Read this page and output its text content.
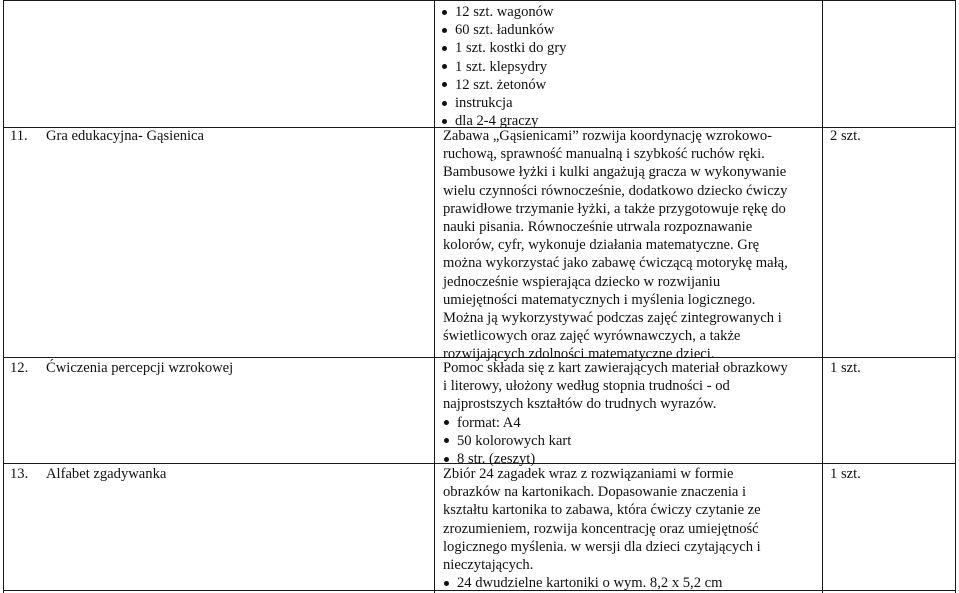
12 szt. wagonów
60 szt. ładunków
1 szt. kostki do gry
1 szt. klepsydry
12 szt. żetonów
instrukcja
dla 2-4 graczy
11. Gra edukacyjna- Gąsienica	Zabawa „Gąsienicami” rozwija koordynację wzrokowo-
ruchową, sprawność manualną i szybkość ruchów ręki.
Bambusowe łyżki i kulki angażują gracza w wykonywanie
wielu czynności równocześnie, dodatkowo dziecko ćwiczy
prawidłowe trzymanie łyżki, a także przygotowuje rękę do
nauki pisania. Równocześnie utrwala rozpoznawanie
kolorów, cyfr, wykonuje działania matematyczne. Grę
można wykorzystać jako zabawę ćwiczącą motorykę małą,
jednocześnie wspierająca dziecko w rozwijaniu
umiejętności matematycznych i myślenia logicznego.
Można ją wykorzystywać podczas zajęć zintegrowanych i
świetlicowych oraz zajęć wyrównawczych, a także
rozwijających zdolności matematyczne dzieci.
2 szt.
12. Ćwiczenia percepcji wzrokowej	Pomoc składa się z kart zawierających materiał obrazkowy
i literowy, ułożony według stopnia trudności - od
najprostszych kształtów do trudnych wyrazów.
format: A4
50 kolorowych kart
8 str. (zeszyt)
1 szt.
13. Alfabet zgadywanka	Zbiór 24 zagadek wraz z rozwiązaniami w formie
obrazków na kartonikach. Dopasowanie znaczenia i
kształtu kartonika to zabawa, która ćwiczy czytanie ze
zrozumieniem, rozwija koncentrację oraz umiejętność
logicznego myślenia. w wersji dla dzieci czytających i
nieczytających.
24 dwudzielne kartoniki o wym. 8,2 x 5,2 cm
1 szt.
